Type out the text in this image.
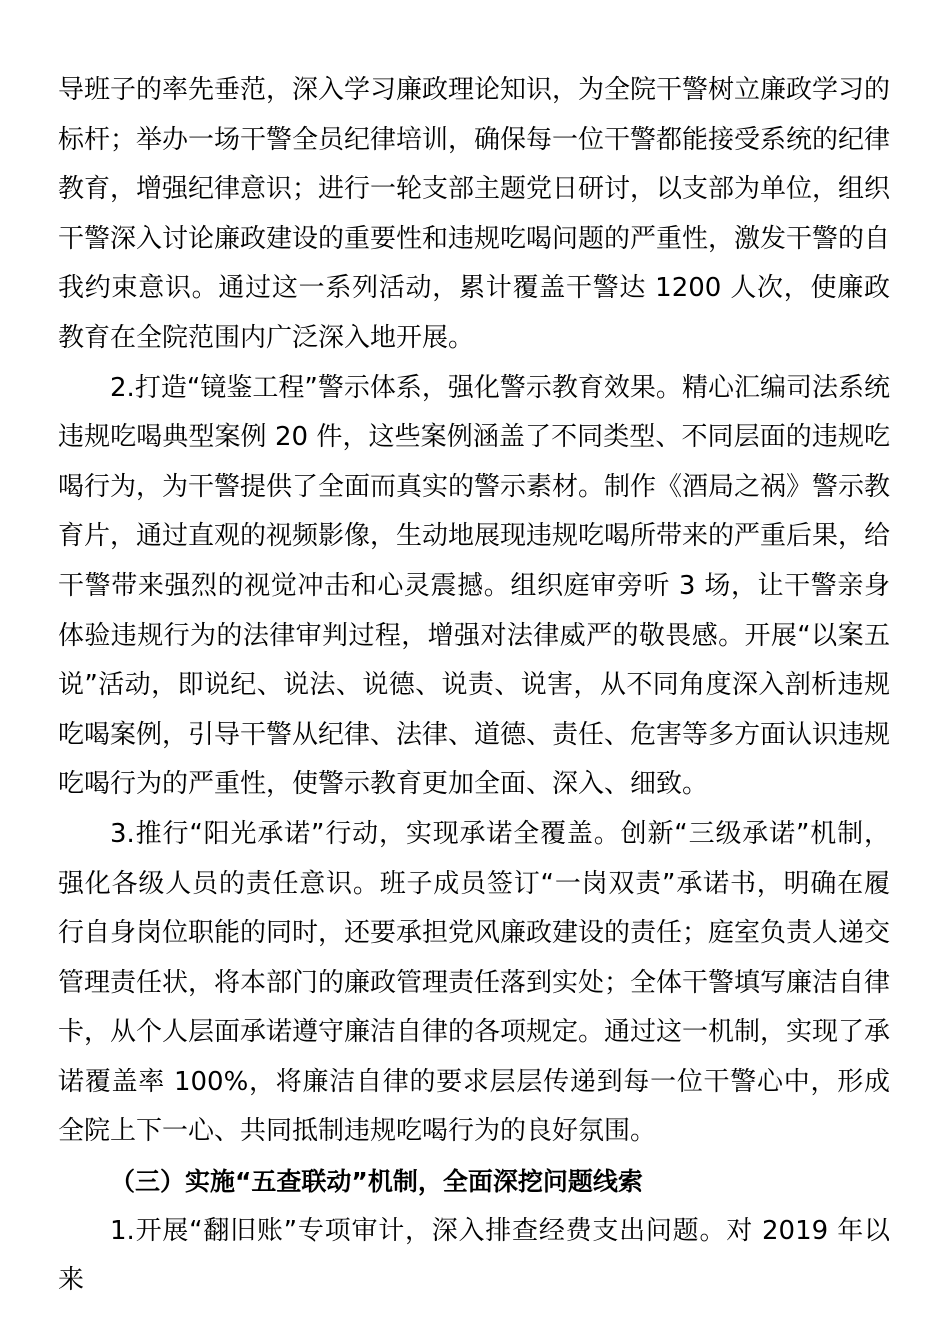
导班子的率先垂范，深入学习廉政理论知识，为全院干警树立廉政学习的标杆；举办一场干警全员纪律培训，确保每一位干警都能接受系统的纪律教育，增强纪律意识；进行一轮支部主题党日研讨，以支部为单位，组织干警深入讨论廉政建设的重要性和违规吃喝问题的严重性，激发干警的自我约束意识。通过这一系列活动，累计覆盖干警达 1200 人次，使廉政教育在全院范围内广泛深入地开展。

2.打造“镜鉴工程”警示体系，强化警示教育效果。精心汇编司法系统违规吃喝典型案例 20 件，这些案例涵盖了不同类型、不同层面的违规吃喝行为，为干警提供了全面而真实的警示素材。制作《酒局之祸》警示教育片，通过直观的视频影像，生动地展现违规吃喝所带来的严重后果，给干警带来强烈的视觉冲击和心灵震撼。组织庭审旁听 3 场，让干警亲身体验违规行为的法律审判过程，增强对法律威严的敬畏感。开展“以案五说”活动，即说纪、说法、说德、说责、说害，从不同角度深入剖析违规吃喝案例，引导干警从纪律、法律、道德、责任、危害等多方面认识违规吃喝行为的严重性，使警示教育更加全面、深入、细致。

3.推行“阳光承诺”行动，实现承诺全覆盖。创新“三级承诺”机制，强化各级人员的责任意识。班子成员签订“一岗双责”承诺书，明确在履行自身岗位职能的同时，还要承担党风廉政建设的责任；庭室负责人递交管理责任状，将本部门的廉政管理责任落到实处；全体干警填写廉洁自律卡，从个人层面承诺遵守廉洁自律的各项规定。通过这一机制，实现了承诺覆盖率 100%，将廉洁自律的要求层层传递到每一位干警心中，形成全院上下一心、共同抵制违规吃喝行为的良好氛围。

（三）实施“五查联动”机制，全面深挖问题线索

1.开展“翻旧账”专项审计，深入排查经费支出问题。对 2019 年以来
